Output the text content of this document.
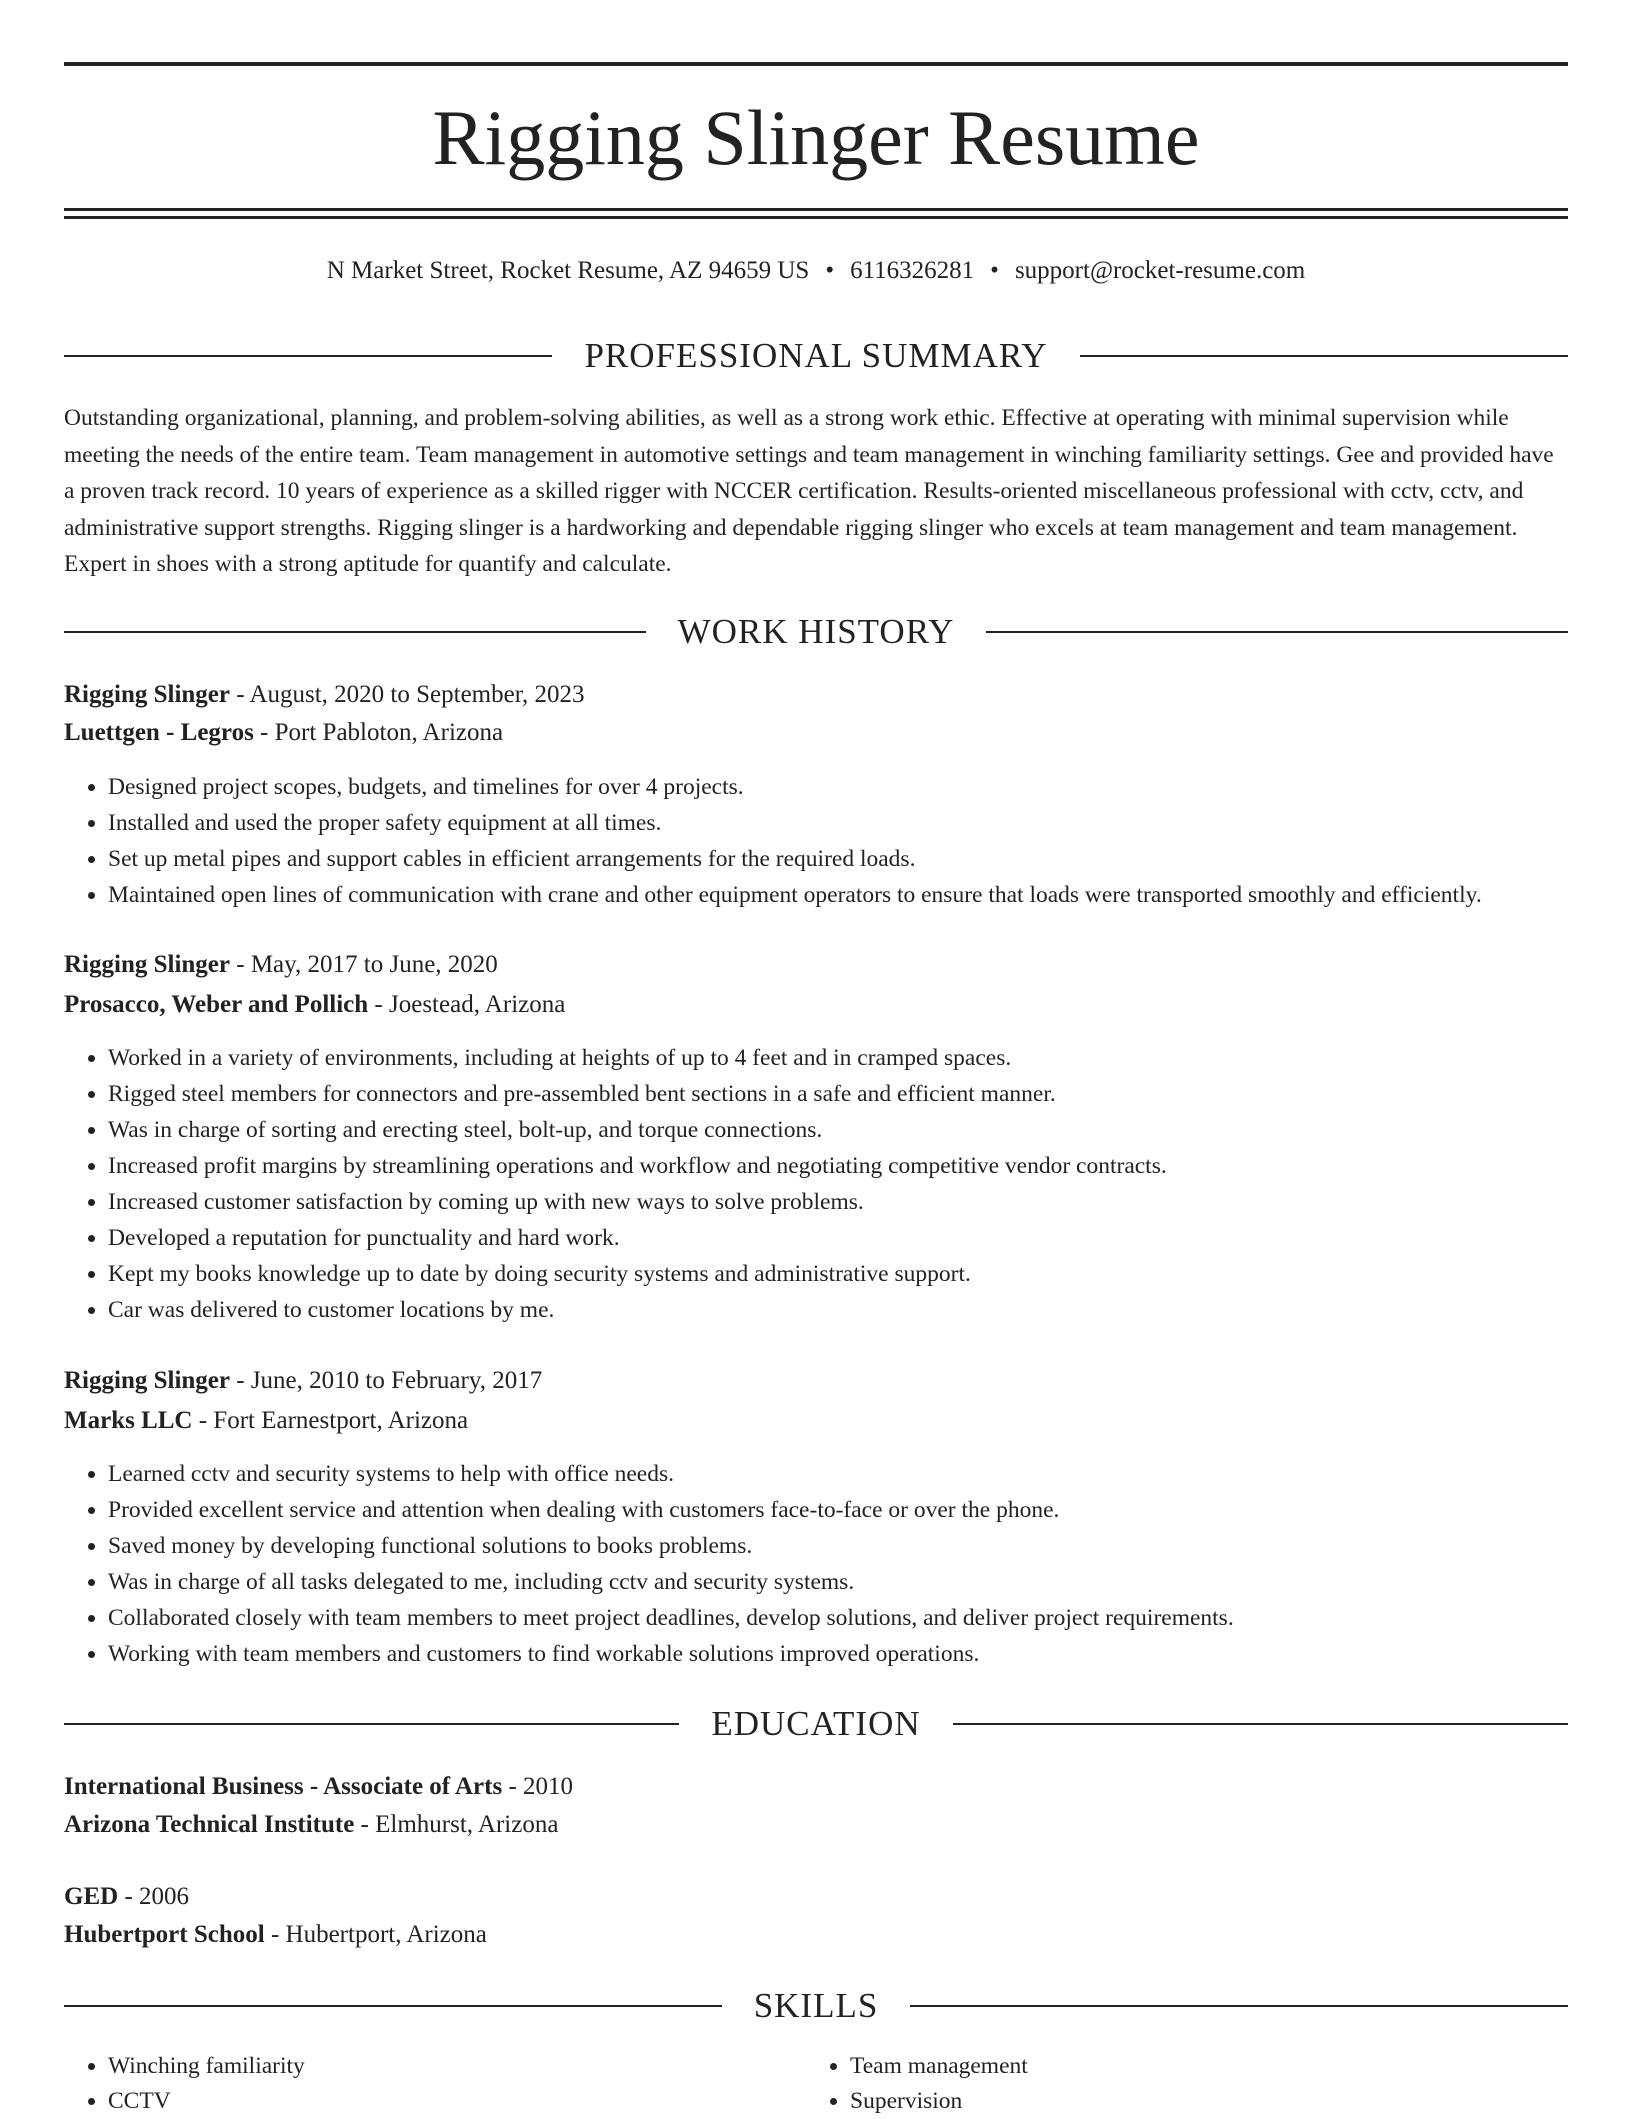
Rigging Slinger Resume
N Market Street, Rocket Resume, AZ 94659 US • 6116326281 • support@rocket-resume.com
PROFESSIONAL SUMMARY

Outstanding organizational, planning, and problem-solving abilities, as well as a strong work ethic. Effective at operating with minimal supervision while meeting the needs of the entire team. Team management in automotive settings and team management in winching familiarity settings. Gee and provided have a proven track record. 10 years of experience as a skilled rigger with NCCER certification. Results-oriented miscellaneous professional with cctv, cctv, and administrative support strengths. Rigging slinger is a hardworking and dependable rigging slinger who excels at team management and team management. Expert in shoes with a strong aptitude for quantify and calculate.

WORK HISTORY
Rigging Slinger - August, 2020 to September, 2023
Luettgen - Legros - Port Pabloton, Arizona
• Designed project scopes, budgets, and timelines for over 4 projects.
• Installed and used the proper safety equipment at all times.
• Set up metal pipes and support cables in efficient arrangements for the required loads.
• Maintained open lines of communication with crane and other equipment operators to ensure that loads were transported smoothly and efficiently.
Rigging Slinger - May, 2017 to June, 2020
Prosacco, Weber and Pollich - Joestead, Arizona
• Worked in a variety of environments, including at heights of up to 4 feet and in cramped spaces.
• Rigged steel members for connectors and pre-assembled bent sections in a safe and efficient manner.
• Was in charge of sorting and erecting steel, bolt-up, and torque connections.
• Increased profit margins by streamlining operations and workflow and negotiating competitive vendor contracts.
• Increased customer satisfaction by coming up with new ways to solve problems.
• Developed a reputation for punctuality and hard work.
• Kept my books knowledge up to date by doing security systems and administrative support.
• Car was delivered to customer locations by me.
Rigging Slinger - June, 2010 to February, 2017
Marks LLC - Fort Earnestport, Arizona
• Learned cctv and security systems to help with office needs.
• Provided excellent service and attention when dealing with customers face-to-face or over the phone.
• Saved money by developing functional solutions to books problems.
• Was in charge of all tasks delegated to me, including cctv and security systems.
• Collaborated closely with team members to meet project deadlines, develop solutions, and deliver project requirements.
• Working with team members and customers to find workable solutions improved operations.
EDUCATION
International Business - Associate of Arts - 2010
Arizona Technical Institute - Elmhurst, Arizona
GED - 2006
Hubertport School - Hubertport, Arizona
SKILLS
• Winching familiarity
• CCTV
• Team management
• Supervision
